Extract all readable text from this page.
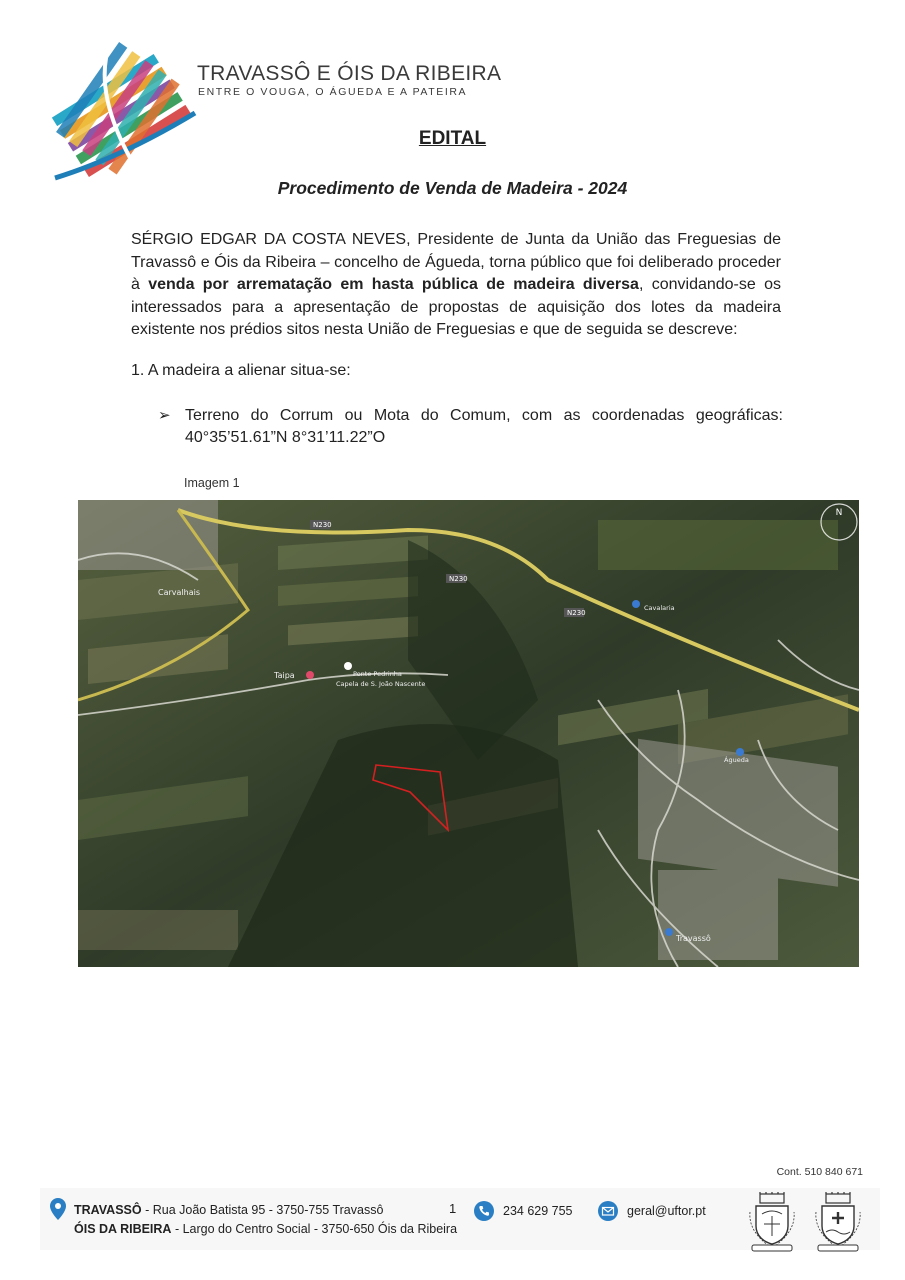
TRAVASSÔ E ÓIS DA RIBEIRA
ENTRE O VOUGA, O ÁGUEDA E A PATEIRA
EDITAL
Procedimento de Venda de Madeira - 2024

SÉRGIO EDGAR DA COSTA NEVES, Presidente de Junta da União das Freguesias de Travassô e Óis da Ribeira – concelho de Águeda, torna público que foi deliberado proceder à venda por arrematação em hasta pública de madeira diversa, convidando-se os interessados para a apresentação de propostas de aquisição dos lotes da madeira existente nos prédios sitos nesta União de Freguesias e que de seguida se descreve:

1. A madeira a alienar situa-se:
➢ Terreno do Corrum ou Mota do Comum, com as coordenadas geográficas: 40°35’51.61”N 8°31’11.22”O
Imagem 1
N
N230
N230
N230
Carvalhais
Taipa
Capela de S. João Nascente
Ponte Pedrinha
Travassô
Cavalaria
Águeda
Cont. 510 840 671
TRAVASSÔ - Rua João Batista 95 - 3750-755 Travassô
ÓIS DA RIBEIRA - Largo do Centro Social - 3750-650 Óis da Ribeira
1	234 629 755	geral@uftor.pt
